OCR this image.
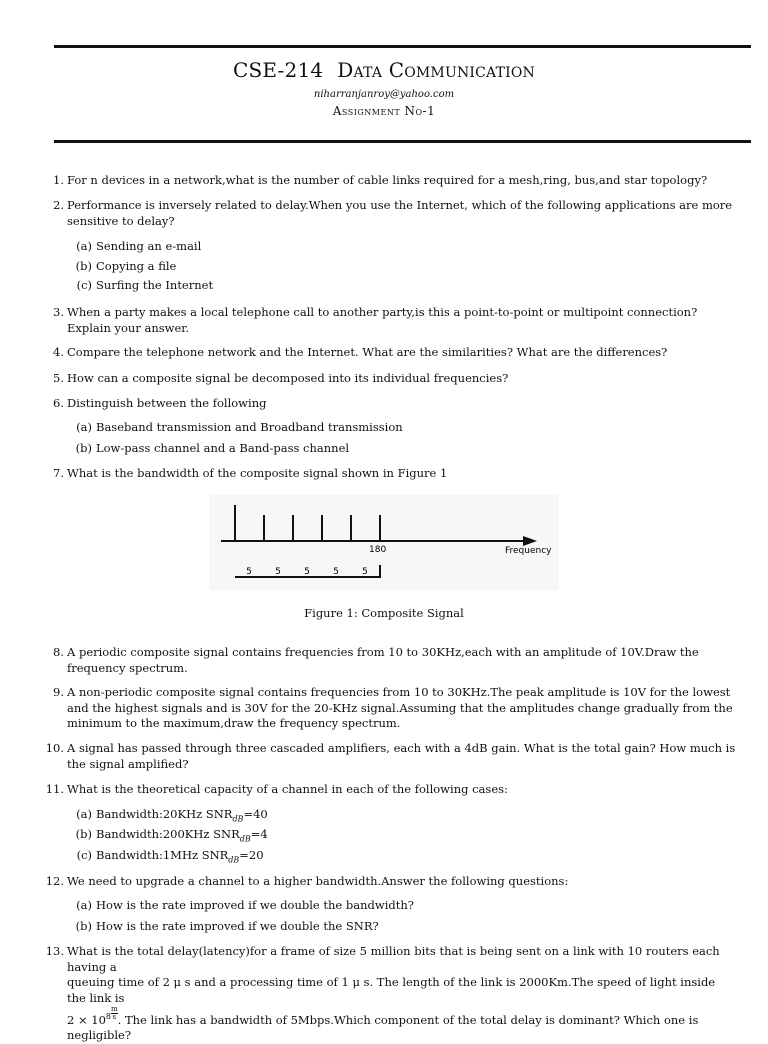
CSE-214 Data Communication
niharranjanroy@yahoo.com
Assignment No-1
1. For n devices in a network,what is the number of cable links required for a mesh,ring, bus,and star topology?
2. Performance is inversely related to delay.When you use the Internet, which of the following applications are more sensitive to delay?
(a) Sending an e-mail
(b) Copying a file
(c) Surfing the Internet
3. When a party makes a local telephone call to another party,is this a point-to-point or multipoint connection? Explain your answer.
4. Compare the telephone network and the Internet. What are the similarities? What are the differences?
5. How can a composite signal be decomposed into its individual frequencies?
6. Distinguish between the following
(a) Baseband transmission and Broadband transmission
(b) Low-pass channel and a Band-pass channel
7. What is the bandwidth of the composite signal shown in Figure 1
Frequency
180
5	5	5	5	5
Figure 1: Composite Signal
8. A periodic composite signal contains frequencies from 10 to 30KHz,each with an amplitude of 10V.Draw the frequency spectrum.
9. A non-periodic composite signal contains frequencies from 10 to 30KHz.The peak amplitude is 10V for the lowest and the highest signals and is 30V for the 20-KHz signal.Assuming that the amplitudes change gradually from the minimum to the maximum,draw the frequency spectrum.
10. A signal has passed through three cascaded amplifiers, each with a 4dB gain. What is the total gain? How much is the signal amplified?
11. What is the theoretical capacity of a channel in each of the following cases:
(a) Bandwidth:20KHz $SNR_{dB}=40$
(b) Bandwidth:200KHz $SNR_{dB}=4$
(c) Bandwidth:1MHz $SNR_{dB}=20$
12. We need to upgrade a channel to a higher bandwidth.Answer the following questions:
(a) How is the rate improved if we double the bandwidth?
(b) How is the rate improved if we double the SNR?
13. What is the total delay(latency)for a frame of size 5 million bits that is being sent on a link with 10 routers each having a
queuing time of 2 μ s and a processing time of 1 μ s. The length of the link is 2000Km.The speed of light inside the link is
$2 \times 10^8 \frac{m}{s}$ . The link has a bandwidth of 5Mbps.Which component of the total delay is dominant? Which one is negligible?
